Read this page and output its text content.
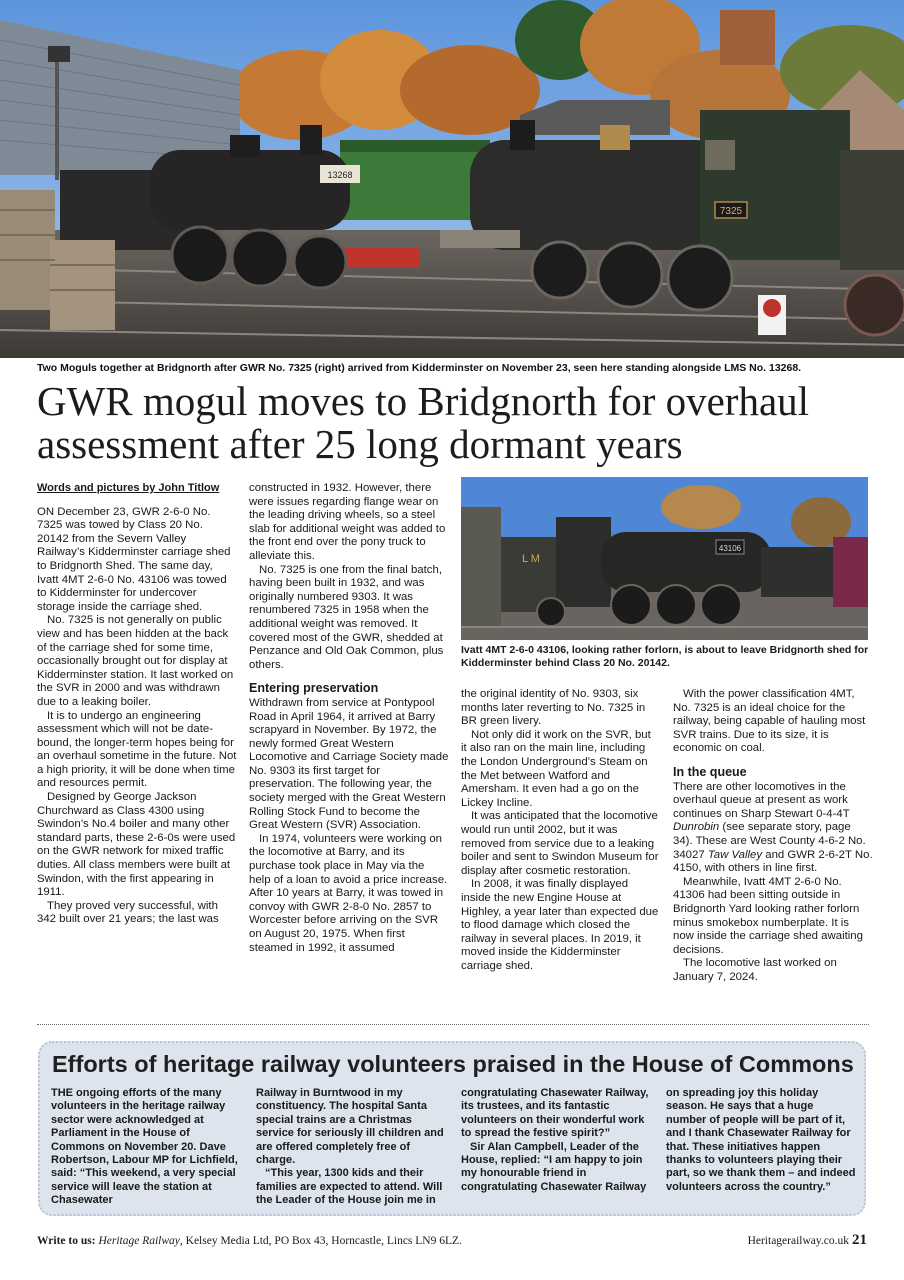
13268
7325
Two Moguls together at Bridgnorth after GWR No. 7325 (right) arrived from Kidderminster on November 23, seen here standing alongside LMS No. 13268.
GWR mogul moves to Bridgnorth for overhaul assessment after 25 long dormant years
Words and pictures by John Titlow

ON December 23, GWR 2-6-0 No. 7325 was towed by Class 20 No. 20142 from the Severn Valley Railway’s Kidderminster carriage shed to Bridgnorth Shed. The same day, Ivatt 4MT 2-6-0 No. 43106 was towed to Kidderminster for undercover storage inside the carriage shed.

No. 7325 is not generally on public view and has been hidden at the back of the carriage shed for some time, occasionally brought out for display at Kidderminster station. It last worked on the SVR in 2000 and was withdrawn due to a leaking boiler.

It is to undergo an engineering assessment which will not be date-bound, the longer-term hopes being for an overhaul sometime in the future. Not a high priority, it will be done when time and resources permit.

Designed by George Jackson Churchward as Class 4300 using Swindon’s No.4 boiler and many other standard parts, these 2-6-0s were used on the GWR network for mixed traffic duties. All class members were built at Swindon, with the first appearing in 1911.

They proved very successful, with 342 built over 21 years; the last was

constructed in 1932. However, there were issues regarding flange wear on the leading driving wheels, so a steel slab for additional weight was added to the front end over the pony truck to alleviate this.

No. 7325 is one from the final batch, having been built in 1932, and was originally numbered 9303. It was renumbered 7325 in 1958 when the additional weight was removed. It covered most of the GWR, shedded at Penzance and Old Oak Common, plus others.

Entering preservation

Withdrawn from service at Pontypool Road in April 1964, it arrived at Barry scrapyard in November. By 1972, the newly formed Great Western Locomotive and Carriage Society made No. 9303 its first target for preservation. The following year, the society merged with the Great Western Rolling Stock Fund to become the Great Western (SVR) Association.

In 1974, volunteers were working on the locomotive at Barry, and its purchase took place in May via the help of a loan to avoid a price increase. After 10 years at Barry, it was towed in convoy with GWR 2-8-0 No. 2857 to Worcester before arriving on the SVR on August 20, 1975. When first steamed in 1992, it assumed

L M
43106
Ivatt 4MT 2-6-0 43106, looking rather forlorn, is about to leave Bridgnorth shed for Kidderminster behind Class 20 No. 20142.

the original identity of No. 9303, six months later reverting to No. 7325 in BR green livery.

Not only did it work on the SVR, but it also ran on the main line, including the London Underground’s Steam on the Met between Watford and Amersham. It even had a go on the Lickey Incline.

It was anticipated that the locomotive would run until 2002, but it was removed from service due to a leaking boiler and sent to Swindon Museum for display after cosmetic restoration.

In 2008, it was finally displayed inside the new Engine House at Highley, a year later than expected due to flood damage which closed the railway in several places. In 2019, it moved inside the Kidderminster carriage shed.

With the power classification 4MT, No. 7325 is an ideal choice for the railway, being capable of hauling most SVR trains. Due to its size, it is economic on coal.

In the queue

There are other locomotives in the overhaul queue at present as work continues on Sharp Stewart 0-4-4T Dunrobin (see separate story, page 34). These are West County 4-6-2 No. 34027 Taw Valley and GWR 2-6-2T No. 4150, with others in line first.

Meanwhile, Ivatt 4MT 2-6-0 No. 41306 had been sitting outside in Bridgnorth Yard looking rather forlorn minus smokebox numberplate. It is now inside the carriage shed awaiting decisions.

The locomotive last worked on January 7, 2024.

Efforts of heritage railway volunteers praised in the House of Commons

THE ongoing efforts of the many volunteers in the heritage railway sector were acknowledged at Parliament in the House of Commons on November 20. Dave Robertson, Labour MP for Lichfield, said: “This weekend, a very special service will leave the station at Chasewater

Railway in Burntwood in my constituency. The hospital Santa special trains are a Christmas service for seriously ill children and are offered completely free of charge.

“This year, 1300 kids and their families are expected to attend. Will the Leader of the House join me in

congratulating Chasewater Railway, its trustees, and its fantastic volunteers on their wonderful work to spread the festive spirit?”

Sir Alan Campbell, Leader of the House, replied: “I am happy to join my honourable friend in congratulating Chasewater Railway

on spreading joy this holiday season. He says that a huge number of people will be part of it, and I thank Chasewater Railway for that. These initiatives happen thanks to volunteers playing their part, so we thank them – and indeed volunteers across the country.”

Write to us: Heritage Railway, Kelsey Media Ltd, PO Box 43, Horncastle, Lincs LN9 6LZ.	Heritagerailway.co.uk 21
